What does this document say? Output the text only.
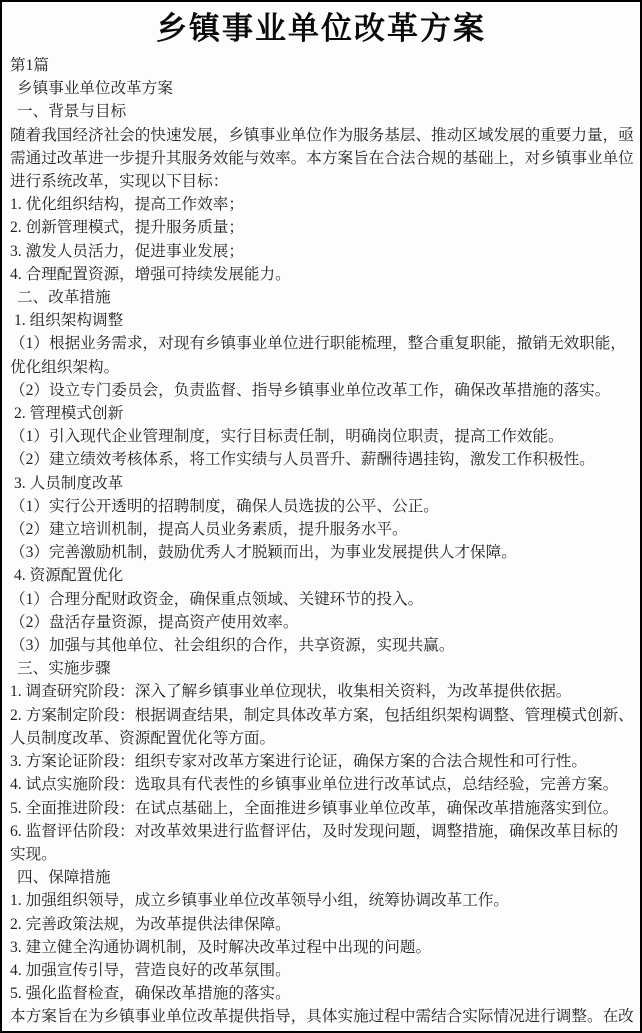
乡镇事业单位改革方案
第1篇
乡镇事业单位改革方案
一、背景与目标
随着我国经济社会的快速发展，乡镇事业单位作为服务基层、推动区域发展的重要力量，亟
需通过改革进一步提升其服务效能与效率。本方案旨在合法合规的基础上，对乡镇事业单位
进行系统改革，实现以下目标：
1. 优化组织结构，提高工作效率；
2. 创新管理模式，提升服务质量；
3. 激发人员活力，促进事业发展；
4. 合理配置资源，增强可持续发展能力。
二、改革措施
1. 组织架构调整
（1）根据业务需求，对现有乡镇事业单位进行职能梳理，整合重复职能，撤销无效职能，
优化组织架构。
（2）设立专门委员会，负责监督、指导乡镇事业单位改革工作，确保改革措施的落实。
2. 管理模式创新
（1）引入现代企业管理制度，实行目标责任制，明确岗位职责，提高工作效能。
（2）建立绩效考核体系，将工作实绩与人员晋升、薪酬待遇挂钩，激发工作积极性。
3. 人员制度改革
（1）实行公开透明的招聘制度，确保人员选拔的公平、公正。
（2）建立培训机制，提高人员业务素质，提升服务水平。
（3）完善激励机制，鼓励优秀人才脱颖而出，为事业发展提供人才保障。
4. 资源配置优化
（1）合理分配财政资金，确保重点领域、关键环节的投入。
（2）盘活存量资源，提高资产使用效率。
（3）加强与其他单位、社会组织的合作，共享资源，实现共赢。
三、实施步骤
1. 调查研究阶段：深入了解乡镇事业单位现状，收集相关资料，为改革提供依据。
2. 方案制定阶段：根据调查结果，制定具体改革方案，包括组织架构调整、管理模式创新、
人员制度改革、资源配置优化等方面。
3. 方案论证阶段：组织专家对改革方案进行论证，确保方案的合法合规性和可行性。
4. 试点实施阶段：选取具有代表性的乡镇事业单位进行改革试点，总结经验，完善方案。
5. 全面推进阶段：在试点基础上，全面推进乡镇事业单位改革，确保改革措施落实到位。
6. 监督评估阶段：对改革效果进行监督评估，及时发现问题，调整措施，确保改革目标的
实现。
四、保障措施
1. 加强组织领导，成立乡镇事业单位改革领导小组，统筹协调改革工作。
2. 完善政策法规，为改革提供法律保障。
3. 建立健全沟通协调机制，及时解决改革过程中出现的问题。
4. 加强宣传引导，营造良好的改革氛围。
5. 强化监督检查，确保改革措施的落实。
本方案旨在为乡镇事业单位改革提供指导，具体实施过程中需结合实际情况进行调整。在改
